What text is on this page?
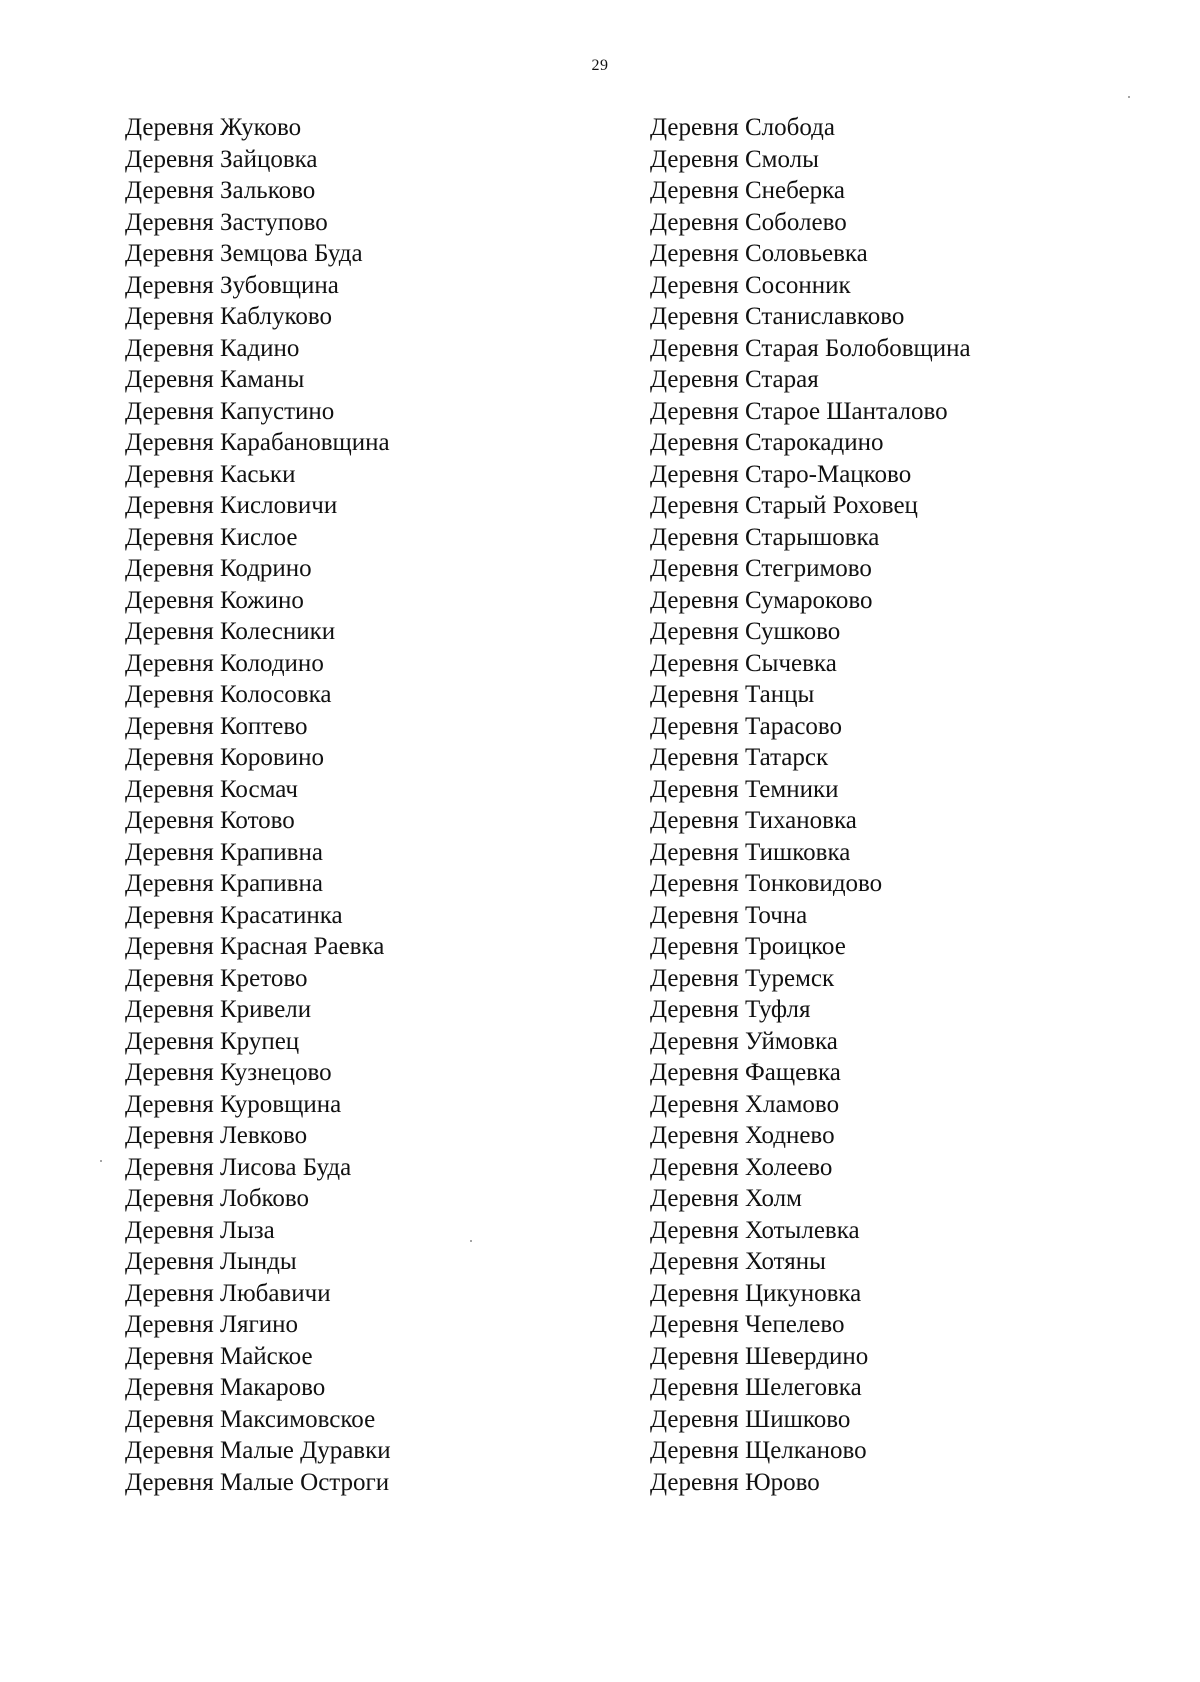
29
Деревня Жуково
Деревня Зайцовка
Деревня Зальково
Деревня Заступово
Деревня Земцова Буда
Деревня Зубовщина
Деревня Каблуково
Деревня Кадино
Деревня Каманы
Деревня Капустино
Деревня Карабановщина
Деревня Каськи
Деревня Кисловичи
Деревня Кислое
Деревня Кодрино
Деревня Кожино
Деревня Колесники
Деревня Колодино
Деревня Колосовка
Деревня Коптево
Деревня Коровино
Деревня Космач
Деревня Котово
Деревня Крапивна
Деревня Крапивна
Деревня Красатинка
Деревня Красная Раевка
Деревня Кретово
Деревня Кривели
Деревня Крупец
Деревня Кузнецово
Деревня Куровщина
Деревня Левково
Деревня Лисова Буда
Деревня Лобково
Деревня Лыза
Деревня Лынды
Деревня Любавичи
Деревня Лягино
Деревня Майское
Деревня Макарово
Деревня Максимовское
Деревня Малые Дуравки
Деревня Малые Остроги
Деревня Слобода
Деревня Смолы
Деревня Снеберка
Деревня Соболево
Деревня Соловьевка
Деревня Сосонник
Деревня Станиславково
Деревня Старая Болобовщина
Деревня Старая
Деревня Старое Шанталово
Деревня Старокадино
Деревня Старо-Мацково
Деревня Старый Роховец
Деревня Старышовка
Деревня Стегримово
Деревня Сумароково
Деревня Сушково
Деревня Сычевка
Деревня Танцы
Деревня Тарасово
Деревня Татарск
Деревня Темники
Деревня Тихановка
Деревня Тишковка
Деревня Тонковидово
Деревня Точна
Деревня Троицкое
Деревня Туремск
Деревня Туфля
Деревня Уймовка
Деревня Фащевка
Деревня Хламово
Деревня Ходнево
Деревня Холеево
Деревня Холм
Деревня Хотылевка
Деревня Хотяны
Деревня Цикуновка
Деревня Чепелево
Деревня Шевердино
Деревня Шелеговка
Деревня Шишково
Деревня Щелканово
Деревня Юрово
